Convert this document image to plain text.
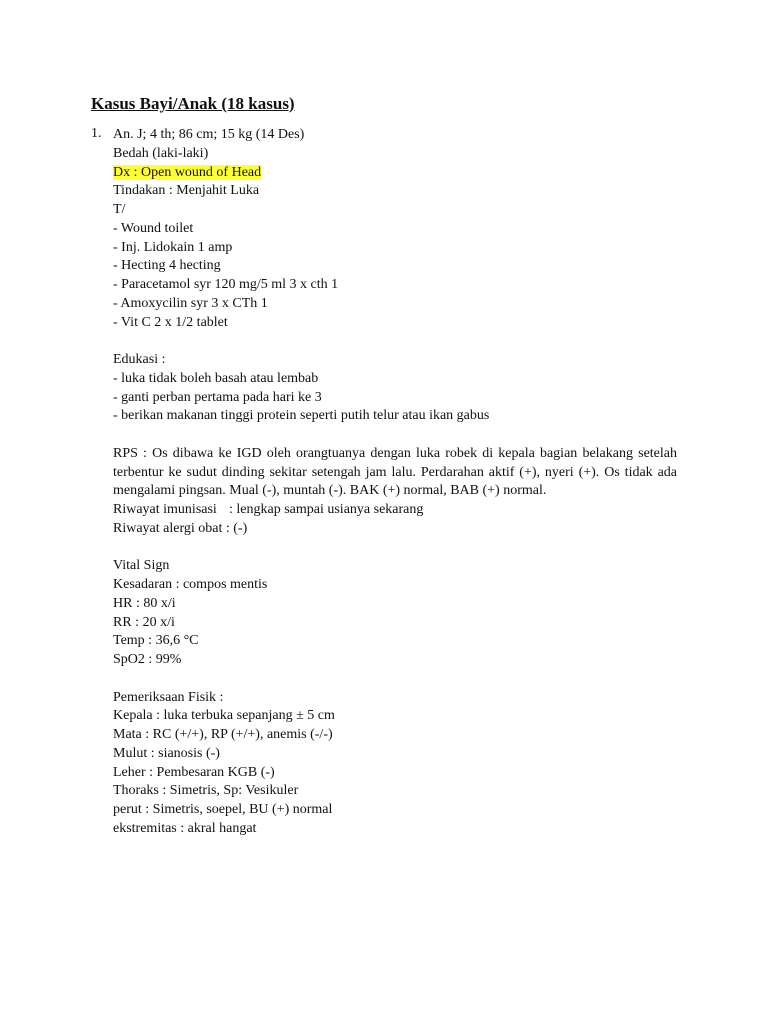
Kasus Bayi/Anak (18 kasus)
1. An. J; 4 th; 86 cm; 15 kg (14 Des)
Bedah (laki-laki)
Dx : Open wound of Head
Tindakan : Menjahit Luka
T/
- Wound toilet
- Inj. Lidokain 1 amp
- Hecting 4 hecting
- Paracetamol syr 120 mg/5 ml 3 x cth 1
- Amoxycilin syr 3 x CTh 1
- Vit C 2 x 1/2 tablet
Edukasi :
- luka tidak boleh basah atau lembab
- ganti perban pertama pada hari ke 3
- berikan makanan tinggi protein seperti putih telur atau ikan gabus
RPS : Os dibawa ke IGD oleh orangtuanya dengan luka robek di kepala bagian belakang setelah terbentur ke sudut dinding sekitar setengah jam lalu. Perdarahan aktif (+), nyeri (+). Os tidak ada mengalami pingsan. Mual (-), muntah (-). BAK (+) normal, BAB (+) normal.
Riwayat imunisasi : lengkap sampai usianya sekarang
Riwayat alergi obat : (-)
Vital Sign
Kesadaran : compos mentis
HR : 80 x/i
RR : 20 x/i
Temp : 36,6 °C
SpO2 : 99%
Pemeriksaan Fisik :
Kepala : luka terbuka sepanjang ± 5 cm
Mata : RC (+/+), RP (+/+), anemis (-/-)
Mulut : sianosis (-)
Leher : Pembesaran KGB (-)
Thoraks : Simetris, Sp: Vesikuler
perut : Simetris, soepel, BU (+) normal
ekstremitas : akral hangat
